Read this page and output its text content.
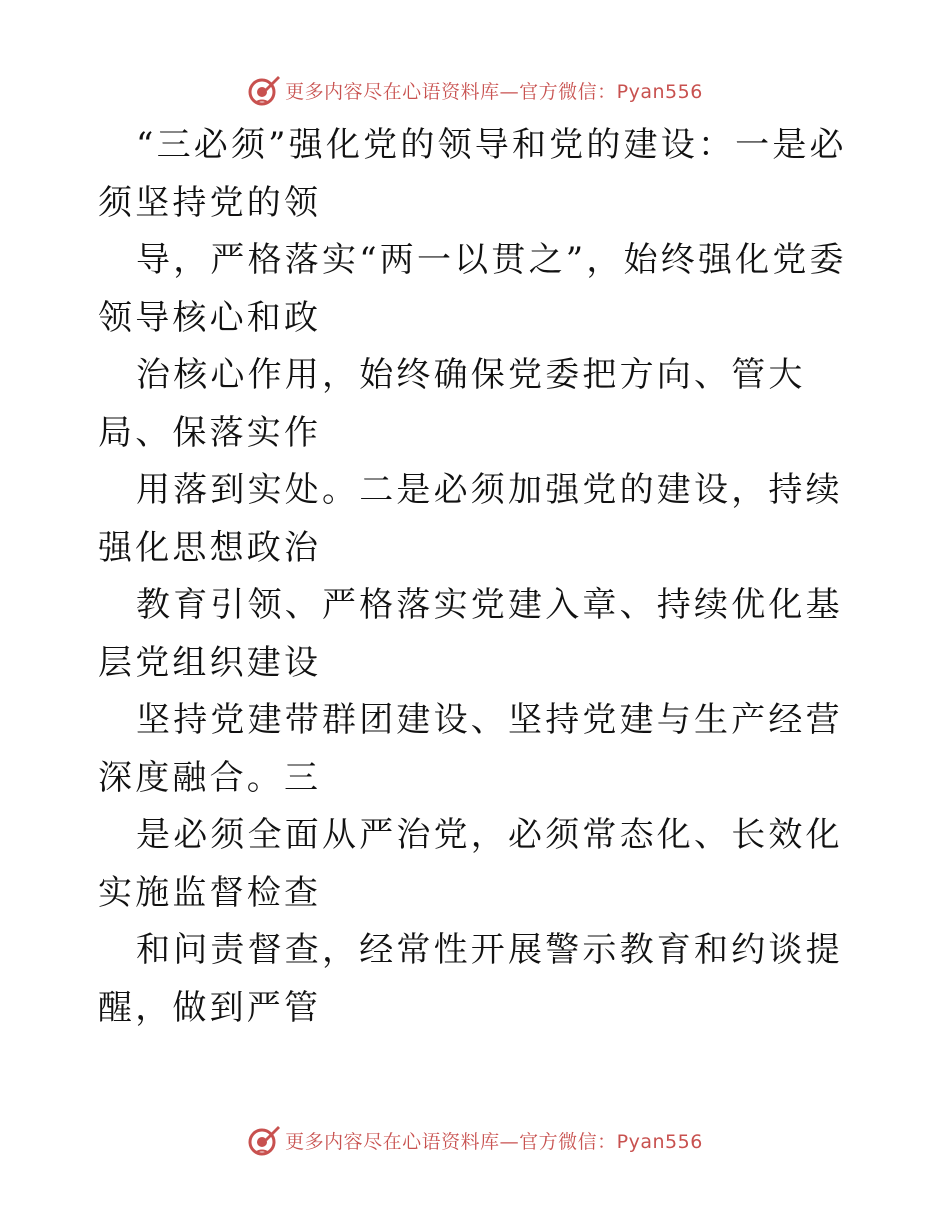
更多内容尽在心语资料库— 官方微信：Pyan556

“三必须”强化党的领导和党的建设：一是必须坚持党的领

导，严格落实“两一以贯之”，始终强化党委领导核心和政

治核心作用，始终确保党委把方向、管大局、保落实作

用落到实处。二是必须加强党的建设，持续强化思想政治

教育引领、严格落实党建入章、持续优化基层党组织建设

坚持党建带群团建设、坚持党建与生产经营深度融合。三

是必须全面从严治党，必须常态化、长效化实施监督检查

和问责督查，经常性开展警示教育和约谈提醒，做到严管

更多内容尽在心语资料库— 官方微信：Pyan556
